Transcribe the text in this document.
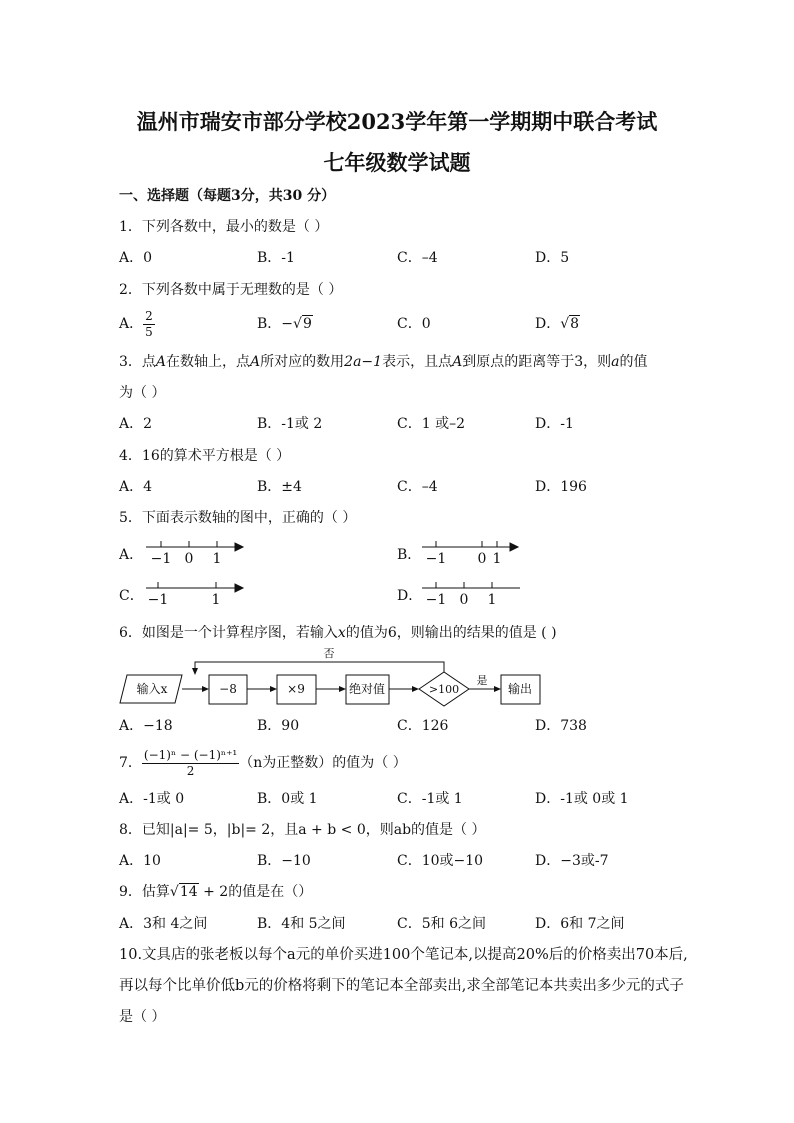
温州市瑞安市部分学校2023学年第一学期期中联合考试
七年级数学试题
一、选择题（每题3分，共30 分）
1．下列各数中，最小的数是（ ）
A．0	B．-1	C．–4	D．5
2．下列各数中属于无理数的是（ ）
A． $\frac{2}{5}$	B．−√9	C．0	D．√8
3．点A在数轴上，点A所对应的数用2a−1表示，且点A到原点的距离等于3，则a的值
为（ ）
A．2	B．-1或 2	C．1 或–2	D．-1
4．16的算术平方根是（ ）
A．4	B．±4	C．–4	D．196
5．下面表示数轴的图中，正确的（ ）
A．	B．
C．	D．
−1 0 1	−1 0 1
−1	1	−1 0 1
输入x	−8	×9	绝对值	>100
是
否
输出
6．如图是一个计算程序图，若输入x的值为6，则输出的结果的值是 ( )
A．−18	B．90	C．126	D．738
7． $\frac{\text{(−1)ⁿ − (−1)ⁿ⁺¹}}{2} (n$为正整数）的值为（ ）
A．-1或 0	B．0或 1	C．-1或 1	D．-1或 0或 1
8．已知|a|= 5，|b|= 2，且a + b < 0，则ab的值是（ ）
A．10	B．−10	C．10或−10	D．−3或-7
9．估算√14 + 2的值是在（）
A．3和 4之间	B．4和 5之间	C．5和 6之间	D．6和 7之间
10.文具店的张老板以每个a元的单价买进100个笔记本,以提高20%后的价格卖出70本后,
再以每个比单价低b元的价格将剩下的笔记本全部卖出,求全部笔记本共卖出多少元的式子
是（ ）
